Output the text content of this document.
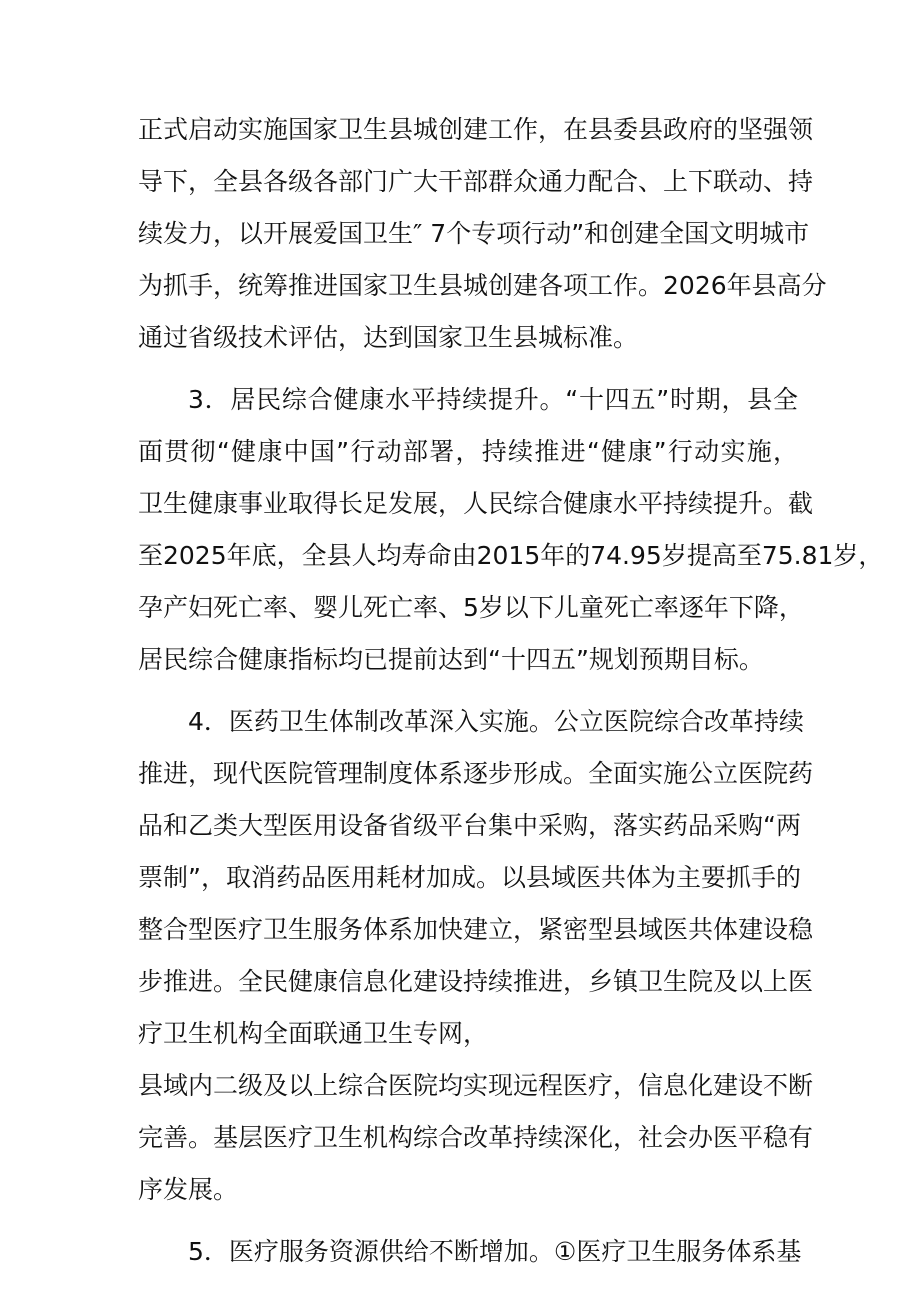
正式启动实施国家卫生县城创建工作，在县委县政府的坚强领
导下，全县各级各部门广大干部群众通力配合、上下联动、持
续发力，以开展爱国卫生″ 7个专项行动”和创建全国文明城市
为抓手，统筹推进国家卫生县城创建各项工作。2026年县高分
通过省级技术评估，达到国家卫生县城标准。
3．居民综合健康水平持续提升。“十四五”时期，县全
面贯彻“健康中国”行动部署，持续推进“健康”行动实施，
卫生健康事业取得长足发展，人民综合健康水平持续提升。截
至2025年底，全县人均寿命由2015年的74.95岁提高至75.81岁，
孕产妇死亡率、婴儿死亡率、5岁以下儿童死亡率逐年下降，
居民综合健康指标均已提前达到“十四五”规划预期目标。
4．医药卫生体制改革深入实施。公立医院综合改革持续
推进，现代医院管理制度体系逐步形成。全面实施公立医院药
品和乙类大型医用设备省级平台集中采购，落实药品采购“两
票制”，取消药品医用耗材加成。以县域医共体为主要抓手的
整合型医疗卫生服务体系加快建立，紧密型县域医共体建设稳
步推进。全民健康信息化建设持续推进，乡镇卫生院及以上医
疗卫生机构全面联通卫生专网，
县域内二级及以上综合医院均实现远程医疗，信息化建设不断
完善。基层医疗卫生机构综合改革持续深化，社会办医平稳有
序发展。
5．医疗服务资源供给不断增加。①医疗卫生服务体系基
